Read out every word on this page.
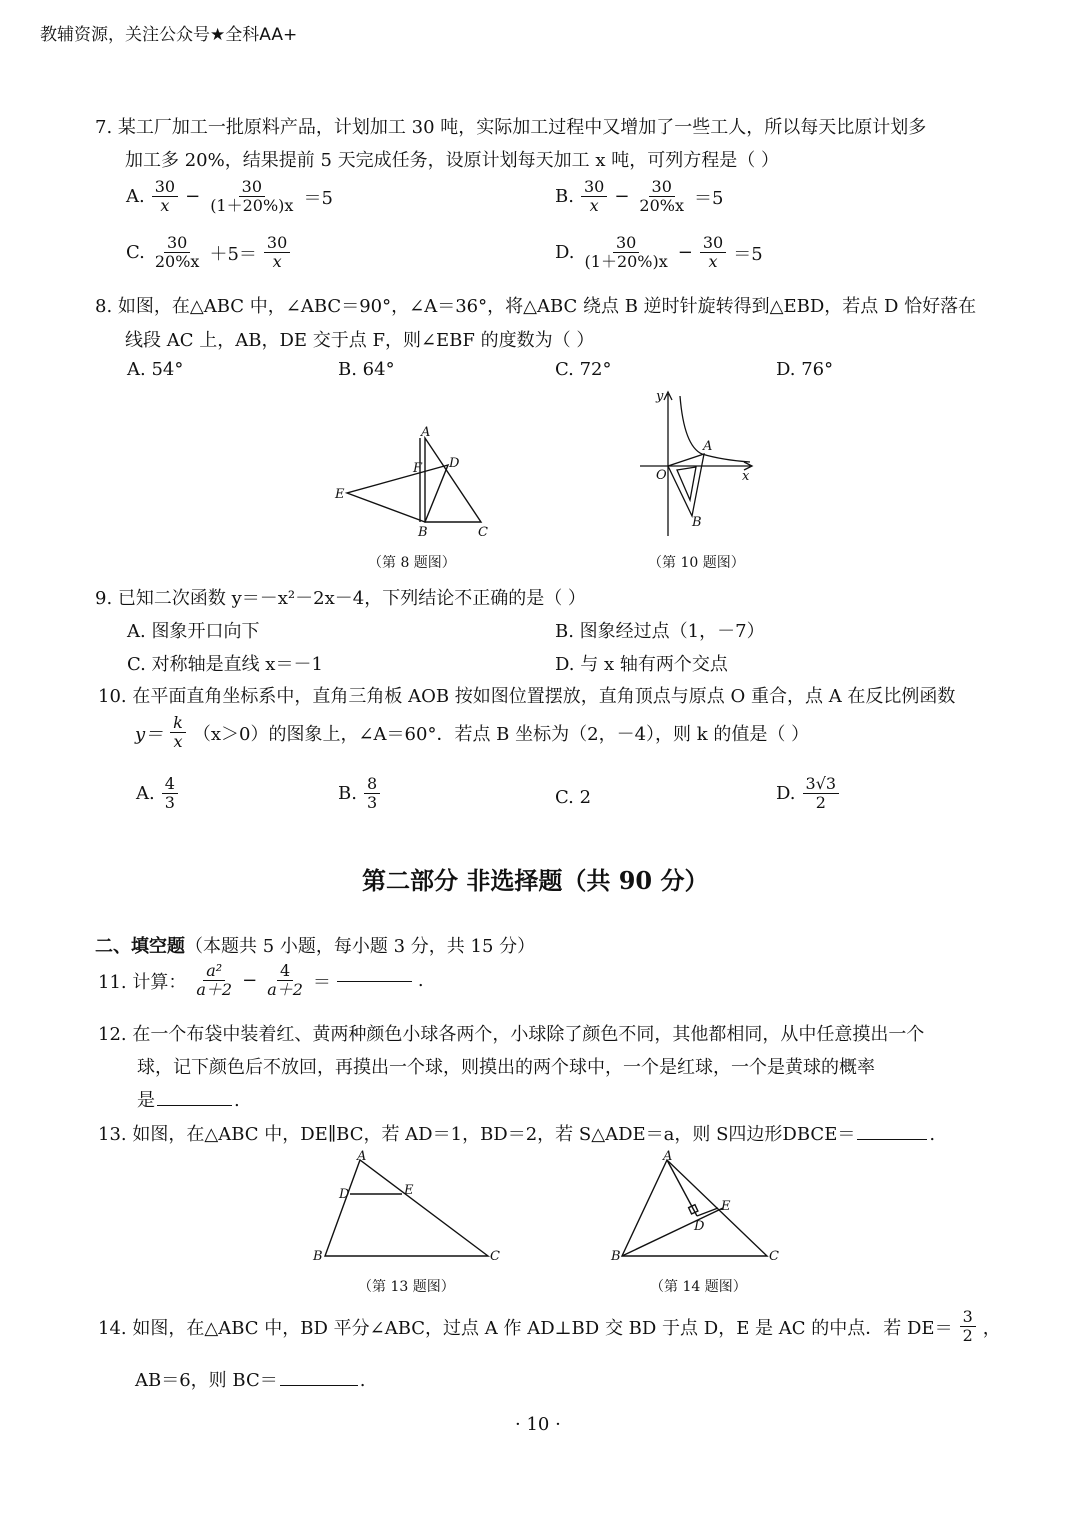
教辅资源，关注公众号★全科AA+
7. 某工厂加工一批原料产品，计划加工 30 吨，实际加工过程中又增加了一些工人，所以每天比原计划多
加工多 20%，结果提前 5 天完成任务，设原计划每天加工 x 吨，可列方程是（ ）
A. $\frac{30}{x} - \frac{30}{(1+20\%)x} =5$	B. $\frac{30}{x} - \frac{30}{20\%x} =5$
C. $\frac{30}{20\%x} +5= \frac{30}{x}$	D. $\frac{30}{(1+20\%)x} - \frac{30}{x} =5$
8. 如图，在△ABC 中，∠ABC＝90°，∠A＝36°，将△ABC 绕点 B 逆时针旋转得到△EBD，若点 D 恰好落在
线段 AC 上，AB，DE 交于点 F，则∠EBF 的度数为（ ）
A. 54°	B. 64°	C. 72°	D. 76°
A
F D
E
B	C
（第 8 题图）
y
A
O	x
B
（第 10 题图）
9. 已知二次函数 y＝－x²－2x－4，下列结论不正确的是（ ）
A. 图象开口向下	B. 图象经过点（1，－7）
C. 对称轴是直线 x＝－1	D. 与 x 轴有两个交点
10. 在平面直角坐标系中，直角三角板 AOB 按如图位置摆放，直角顶点与原点 O 重合，点 A 在反比例函数
$y= \frac{k}{x} (x>0)$的图象上，∠A＝60°．若点 B 坐标为（2，－4），则 k 的值是（ ）
A. $\frac{4}{3}$	B. $\frac{8}{3}$	C. 2	D. $\frac{3√3}{2}$
第二部分 非选择题（共 90 分）
二、填空题（本题共 5 小题，每小题 3 分，共 15 分）
11. 计算： $\frac{\text{a²}}{a+2} - \frac{4}{a+2}$ ＝	.
12. 在一个布袋中装着红、黄两种颜色小球各两个，小球除了颜色不同，其他都相同，从中任意摸出一个
球，记下颜色后不放回，再摸出一个球，则摸出的两个球中，一个是红球，一个是黄球的概率
是	.
13. 如图，在△ABC 中，DE∥BC，若 AD＝1，BD＝2，若 S△ADE＝a，则 S四边形DBCE＝	.
A
D	E
B	C
（第 13 题图）
A
E
D
B	C
（第 14 题图）
14. 如图，在△ABC 中，BD 平分∠ABC，过点 A 作 AD⊥BD 交 BD 于点 D，E 是 AC 的中点．若 $DE= \frac{3}{2}$ ，
AB＝6，则 BC＝	.
· 10 ·
